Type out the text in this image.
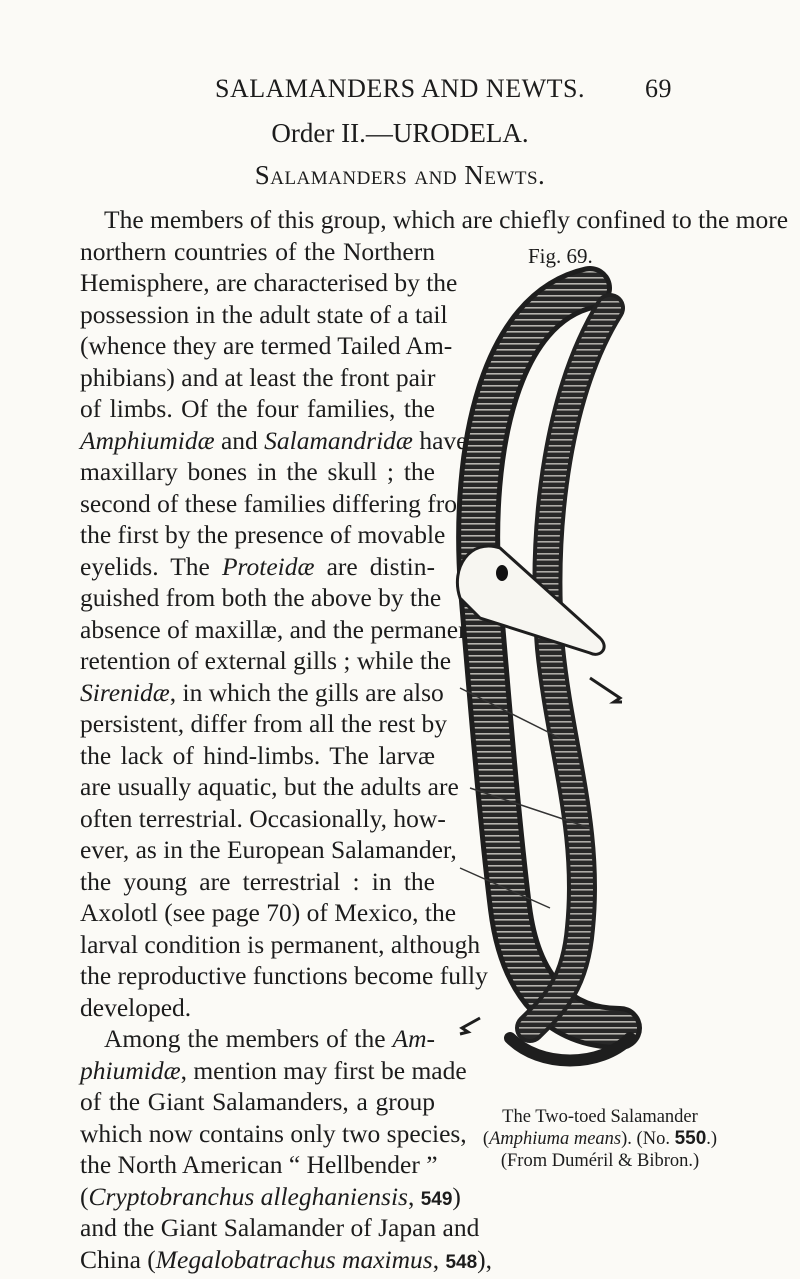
SALAMANDERS AND NEWTS.	69
Order II.—URODELA.
Salamanders and Newts.
The members of this group, which are chiefly confined to the more
northern countries of the Northern
Hemisphere, are characterised by the
possession in the adult state of a tail
(whence they are termed Tailed Am-
phibians) and at least the front pair
of limbs. Of the four families, the
Amphiumidæ and Salamandridæ have
maxillary bones in the skull ; the
second of these families differing from
the first by the presence of movable
eyelids. The Proteidæ are distin-
guished from both the above by the
absence of maxillæ, and the permanent
retention of external gills ; while the
Sirenidæ, in which the gills are also
persistent, differ from all the rest by
the lack of hind-limbs. The larvæ
are usually aquatic, but the adults are
often terrestrial. Occasionally, how-
ever, as in the European Salamander,
the young are terrestrial : in the
Axolotl (see page 70) of Mexico, the
larval condition is permanent, although
the reproductive functions become fully
developed.
Among the members of the Am-
phiumidæ, mention may first be made
of the Giant Salamanders, a group
which now contains only two species,
the North American “ Hellbender ”
(Cryptobranchus alleghaniensis, 549)
and the Giant Salamander of Japan and
China (Megalobatrachus maximus, 548),
Fig. 69.
The Two-toed Salamander
(Amphiuma means). (No. 550.)
(From Duméril & Bibron.)
